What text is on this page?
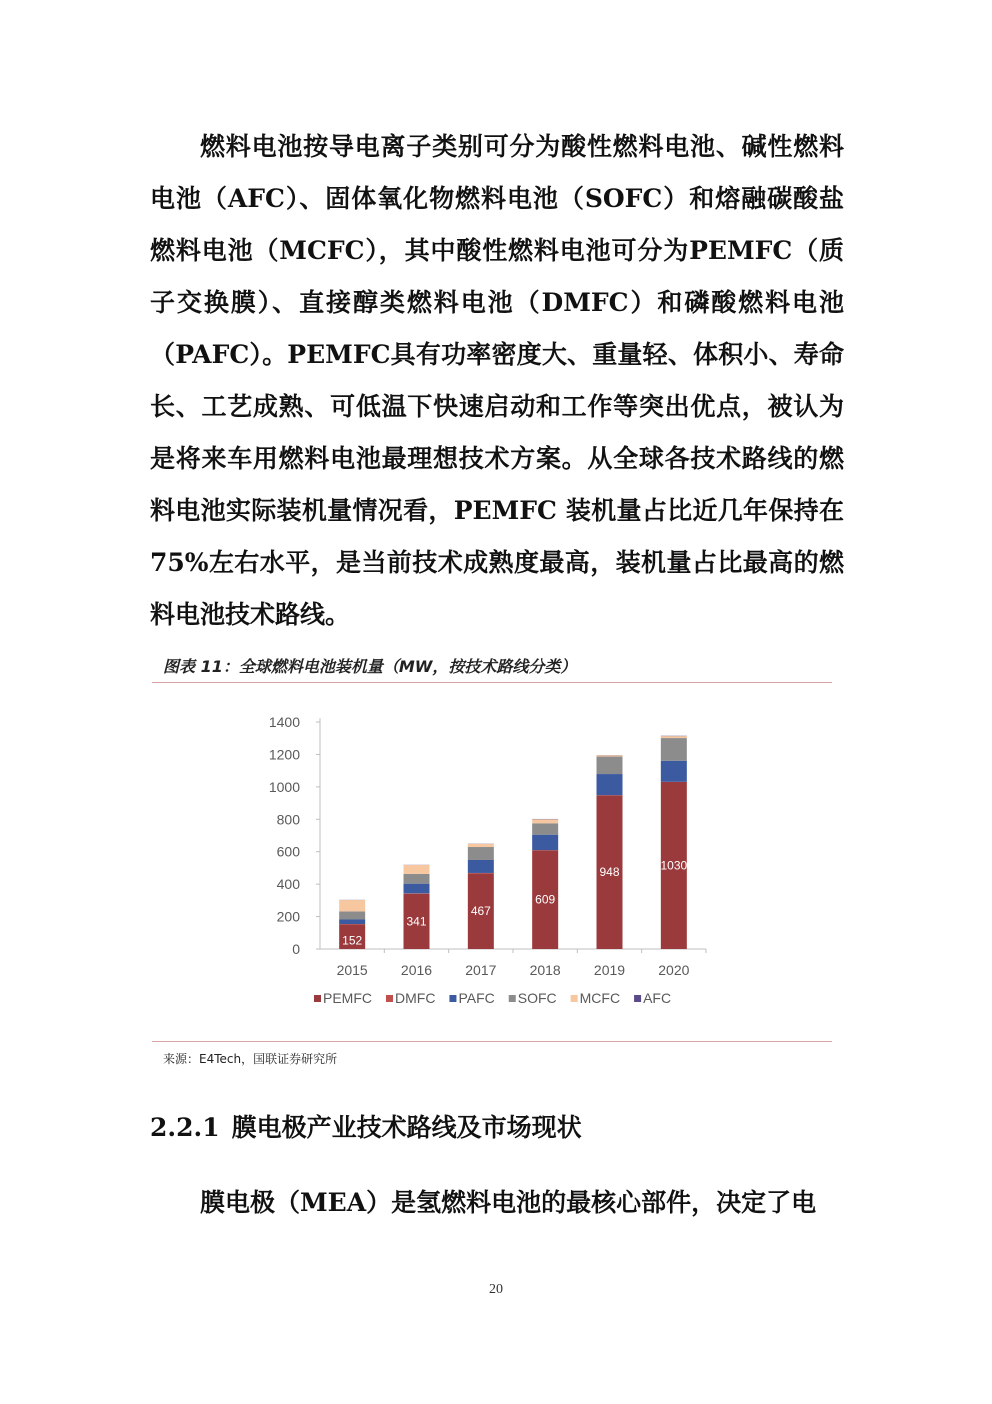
燃料电池按导电离子类别可分为酸性燃料电池、碱性燃料电池（AFC）、固体氧化物燃料电池（SOFC）和熔融碳酸盐燃料电池（MCFC），其中酸性燃料电池可分为PEMFC（质子交换膜）、直接醇类燃料电池（DMFC）和磷酸燃料电池（PAFC）。PEMFC具有功率密度大、重量轻、体积小、寿命长、工艺成熟、可低温下快速启动和工作等突出优点，被认为是将来车用燃料电池最理想技术方案。从全球各技术路线的燃料电池实际装机量情况看，PEMFC 装机量占比近几年保持在75%左右水平，是当前技术成熟度最高，装机量占比最高的燃料电池技术路线。

图表 11：全球燃料电池装机量（MW，按技术路线分类）
0
200
400
600
800
1000
1200
1400
2015 2016 2017 2018 2019 2020
152
341
467
609
948	1030
PEMFC DMFC PAFC SOFC MCFC AFC
来源：E4Tech，国联证券研究所
2.2.1 膜电极产业技术路线及市场现状

膜电极（MEA）是氢燃料电池的最核心部件，决定了电

20
